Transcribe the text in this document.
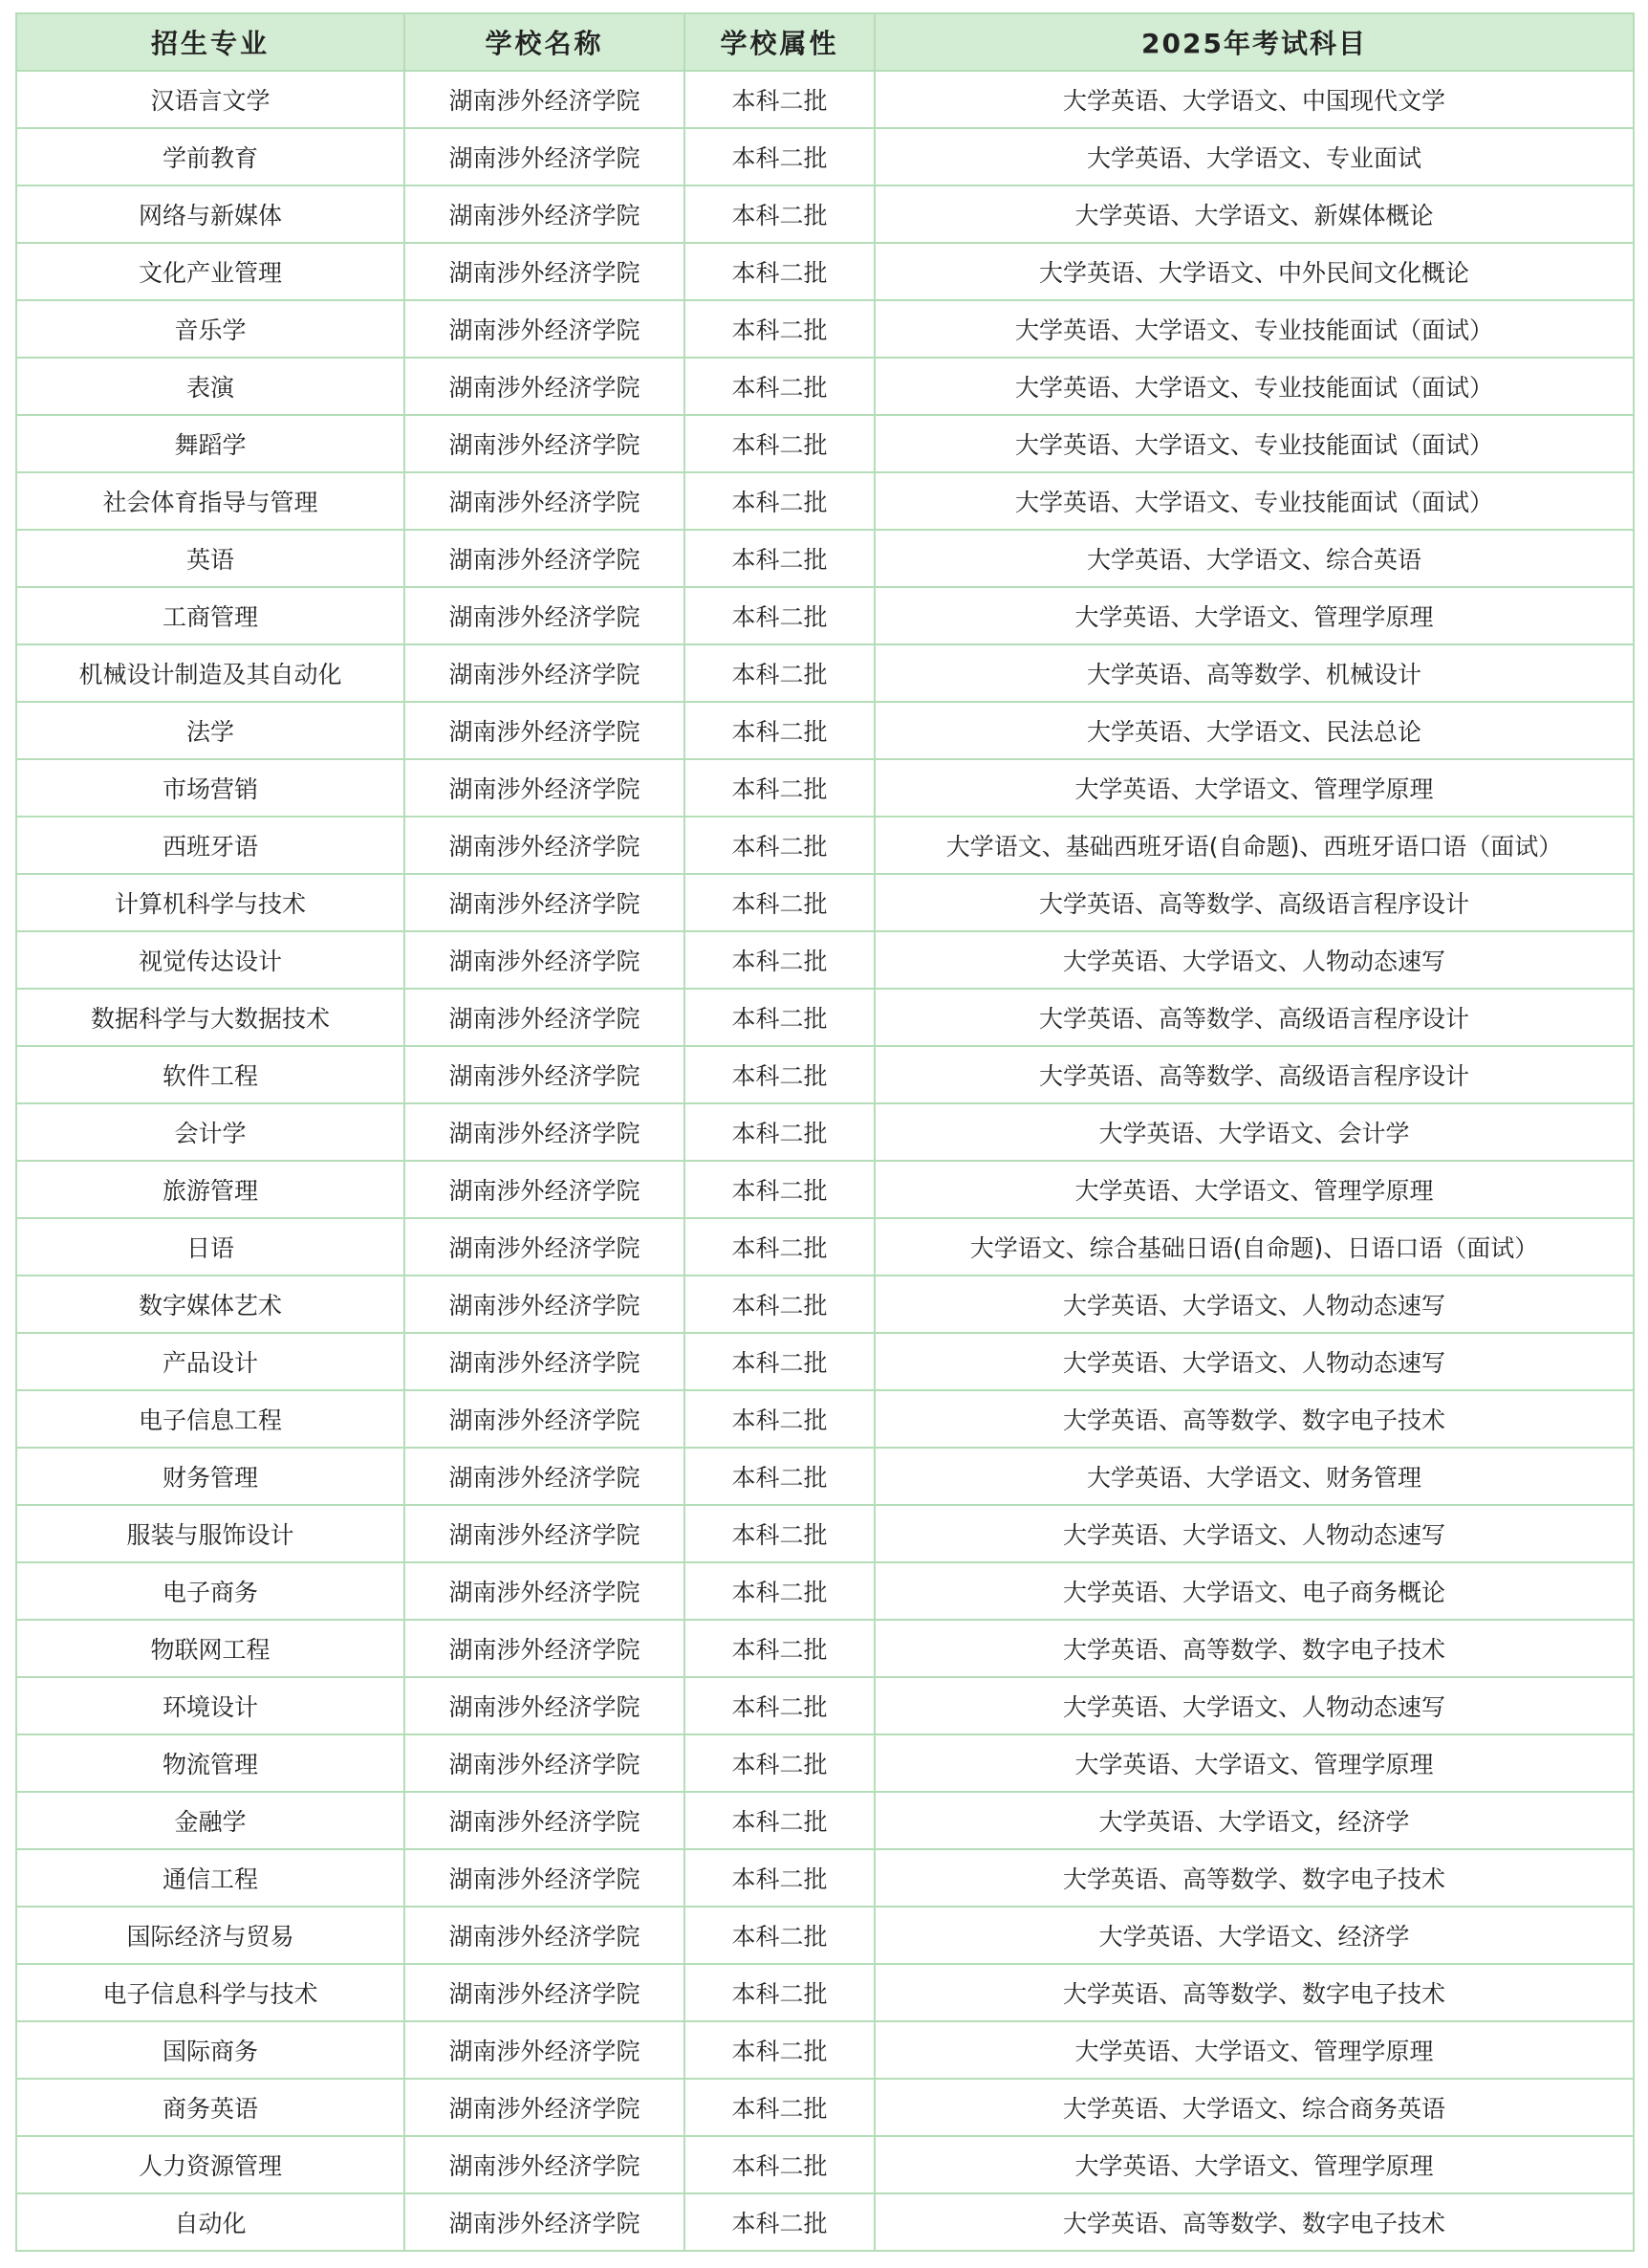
招生专业	学校名称	学校属性	2025年考试科目
汉语言文学	湖南涉外经济学院	本科二批	大学英语、大学语文、中国现代文学
学前教育	湖南涉外经济学院	本科二批	大学英语、大学语文、专业面试
网络与新媒体	湖南涉外经济学院	本科二批	大学英语、大学语文、新媒体概论
文化产业管理	湖南涉外经济学院	本科二批	大学英语、大学语文、中外民间文化概论
音乐学	湖南涉外经济学院	本科二批	大学英语、大学语文、专业技能面试（面试）
表演	湖南涉外经济学院	本科二批	大学英语、大学语文、专业技能面试（面试）
舞蹈学	湖南涉外经济学院	本科二批	大学英语、大学语文、专业技能面试（面试）
社会体育指导与管理	湖南涉外经济学院	本科二批	大学英语、大学语文、专业技能面试（面试）
英语	湖南涉外经济学院	本科二批	大学英语、大学语文、综合英语
工商管理	湖南涉外经济学院	本科二批	大学英语、大学语文、管理学原理
机械设计制造及其自动化	湖南涉外经济学院	本科二批	大学英语、高等数学、机械设计
法学	湖南涉外经济学院	本科二批	大学英语、大学语文、民法总论
市场营销	湖南涉外经济学院	本科二批	大学英语、大学语文、管理学原理
西班牙语	湖南涉外经济学院	本科二批	大学语文、基础西班牙语(自命题)、西班牙语口语（面试）
计算机科学与技术	湖南涉外经济学院	本科二批	大学英语、高等数学、高级语言程序设计
视觉传达设计	湖南涉外经济学院	本科二批	大学英语、大学语文、人物动态速写
数据科学与大数据技术	湖南涉外经济学院	本科二批	大学英语、高等数学、高级语言程序设计
软件工程	湖南涉外经济学院	本科二批	大学英语、高等数学、高级语言程序设计
会计学	湖南涉外经济学院	本科二批	大学英语、大学语文、会计学
旅游管理	湖南涉外经济学院	本科二批	大学英语、大学语文、管理学原理
日语	湖南涉外经济学院	本科二批	大学语文、综合基础日语(自命题)、日语口语（面试）
数字媒体艺术	湖南涉外经济学院	本科二批	大学英语、大学语文、人物动态速写
产品设计	湖南涉外经济学院	本科二批	大学英语、大学语文、人物动态速写
电子信息工程	湖南涉外经济学院	本科二批	大学英语、高等数学、数字电子技术
财务管理	湖南涉外经济学院	本科二批	大学英语、大学语文、财务管理
服装与服饰设计	湖南涉外经济学院	本科二批	大学英语、大学语文、人物动态速写
电子商务	湖南涉外经济学院	本科二批	大学英语、大学语文、电子商务概论
物联网工程	湖南涉外经济学院	本科二批	大学英语、高等数学、数字电子技术
环境设计	湖南涉外经济学院	本科二批	大学英语、大学语文、人物动态速写
物流管理	湖南涉外经济学院	本科二批	大学英语、大学语文、管理学原理
金融学	湖南涉外经济学院	本科二批	大学英语、大学语文，经济学
通信工程	湖南涉外经济学院	本科二批	大学英语、高等数学、数字电子技术
国际经济与贸易	湖南涉外经济学院	本科二批	大学英语、大学语文、经济学
电子信息科学与技术	湖南涉外经济学院	本科二批	大学英语、高等数学、数字电子技术
国际商务	湖南涉外经济学院	本科二批	大学英语、大学语文、管理学原理
商务英语	湖南涉外经济学院	本科二批	大学英语、大学语文、综合商务英语
人力资源管理	湖南涉外经济学院	本科二批	大学英语、大学语文、管理学原理
自动化	湖南涉外经济学院	本科二批	大学英语、高等数学、数字电子技术
